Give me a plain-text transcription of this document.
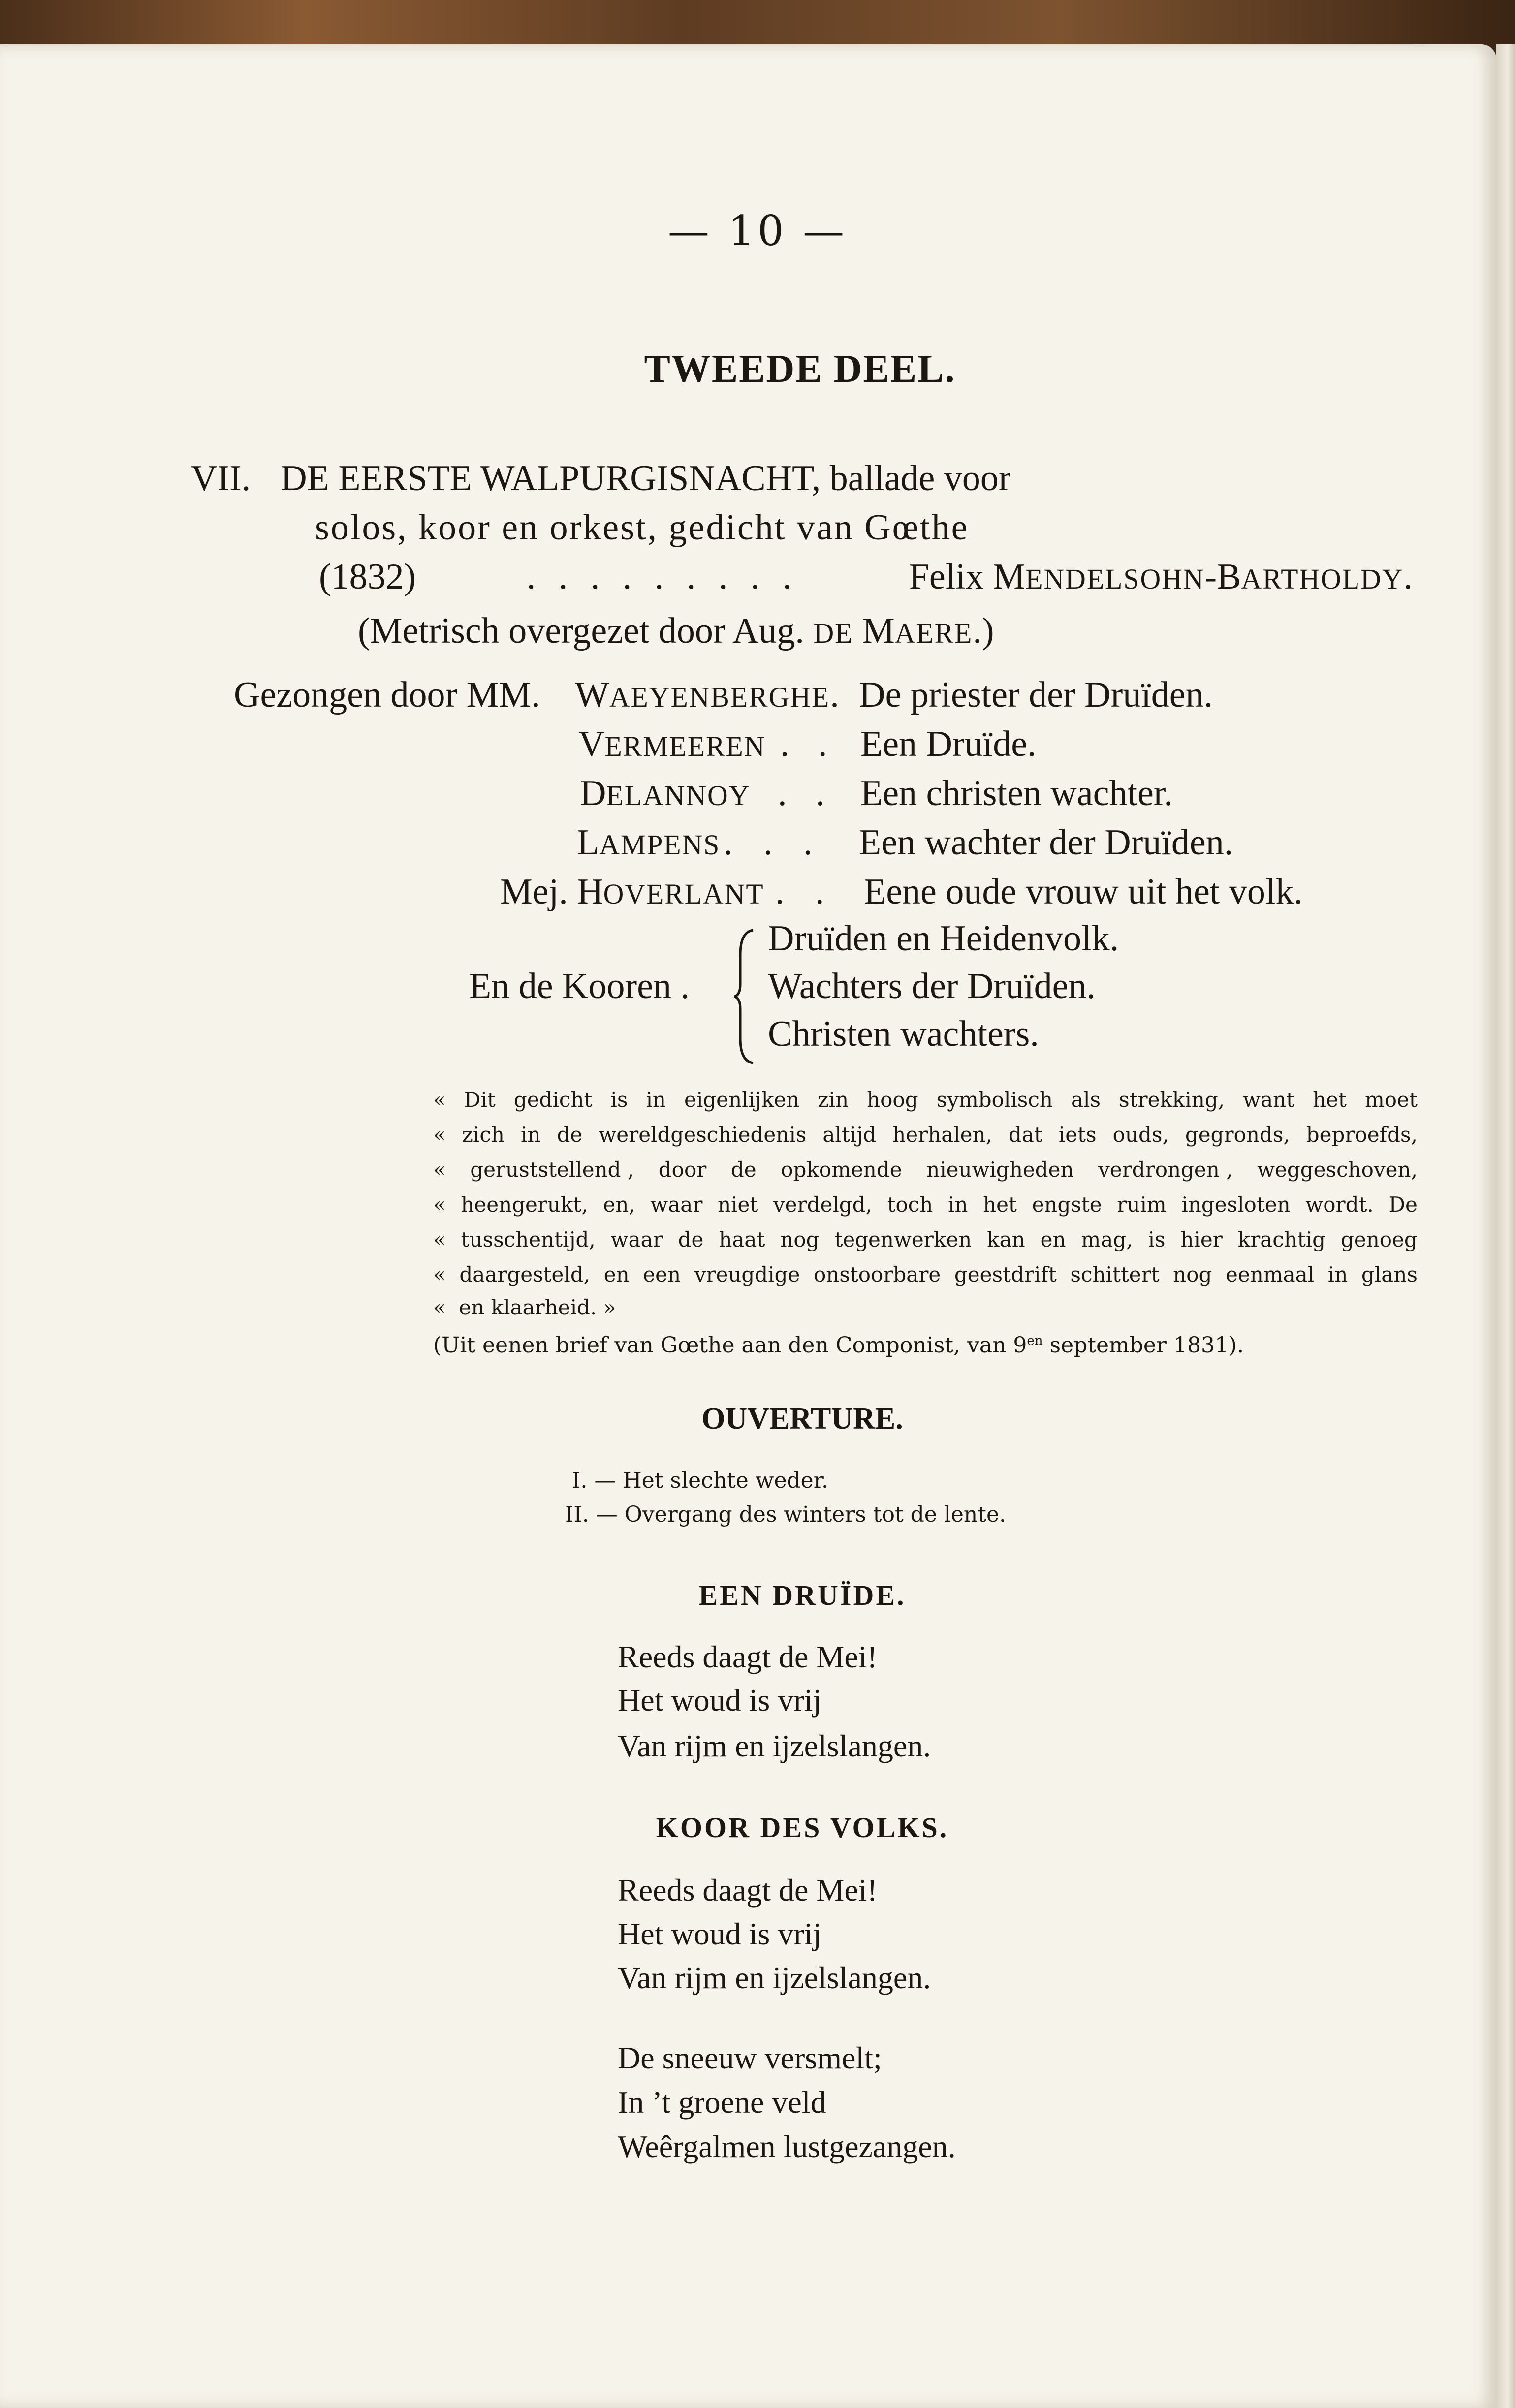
— 10 —
TWEEDE DEEL.
VII. DE EERSTE WALPURGISNACHT, ballade voor
solos, koor en orkest, gedicht van Gœthe
(1832)	. . . . . . . . .	Felix MENDELSOHN-BARTHOLDY.
(Metrisch overgezet door Aug. DE MAERE.)
Gezongen door MM. WAEYENBERGHE. De priester der Druïden.
VERMEEREN . . Een Druïde.
DELANNOY . . Een christen wachter.
LAMPENS . . . Een wachter der Druïden.
Mej. HOVERLANT . . Eene oude vrouw uit het volk.
En de Kooren .
Druïden en Heidenvolk.
Wachters der Druïden.
Christen wachters.
« Dit gedicht is in eigenlijken zin hoog symbolisch als strekking, want het moet
« zich in de wereldgeschiedenis altijd herhalen, dat iets ouds, gegronds, beproefds,
« geruststellend , door de opkomende nieuwigheden verdrongen , weggeschoven,
« heengerukt, en, waar niet verdelgd, toch in het engste ruim ingesloten wordt. De
« tusschentijd, waar de haat nog tegenwerken kan en mag, is hier krachtig genoeg
« daargesteld, en een vreugdige onstoorbare geestdrift schittert nog eenmaal in glans
«  en klaarheid. »
(Uit eenen brief van Gœthe aan den Componist, van $9^{en}$ september 1831).
OUVERTURE.
I. — Het slechte weder.
II. — Overgang des winters tot de lente.
EEN DRUÏDE.
Reeds daagt de Mei!
Het woud is vrij
Van rijm en ijzelslangen.
KOOR DES VOLKS.
Reeds daagt de Mei!
Het woud is vrij
Van rijm en ijzelslangen.
De sneeuw versmelt;
In ’t groene veld
Weêrgalmen lustgezangen.
